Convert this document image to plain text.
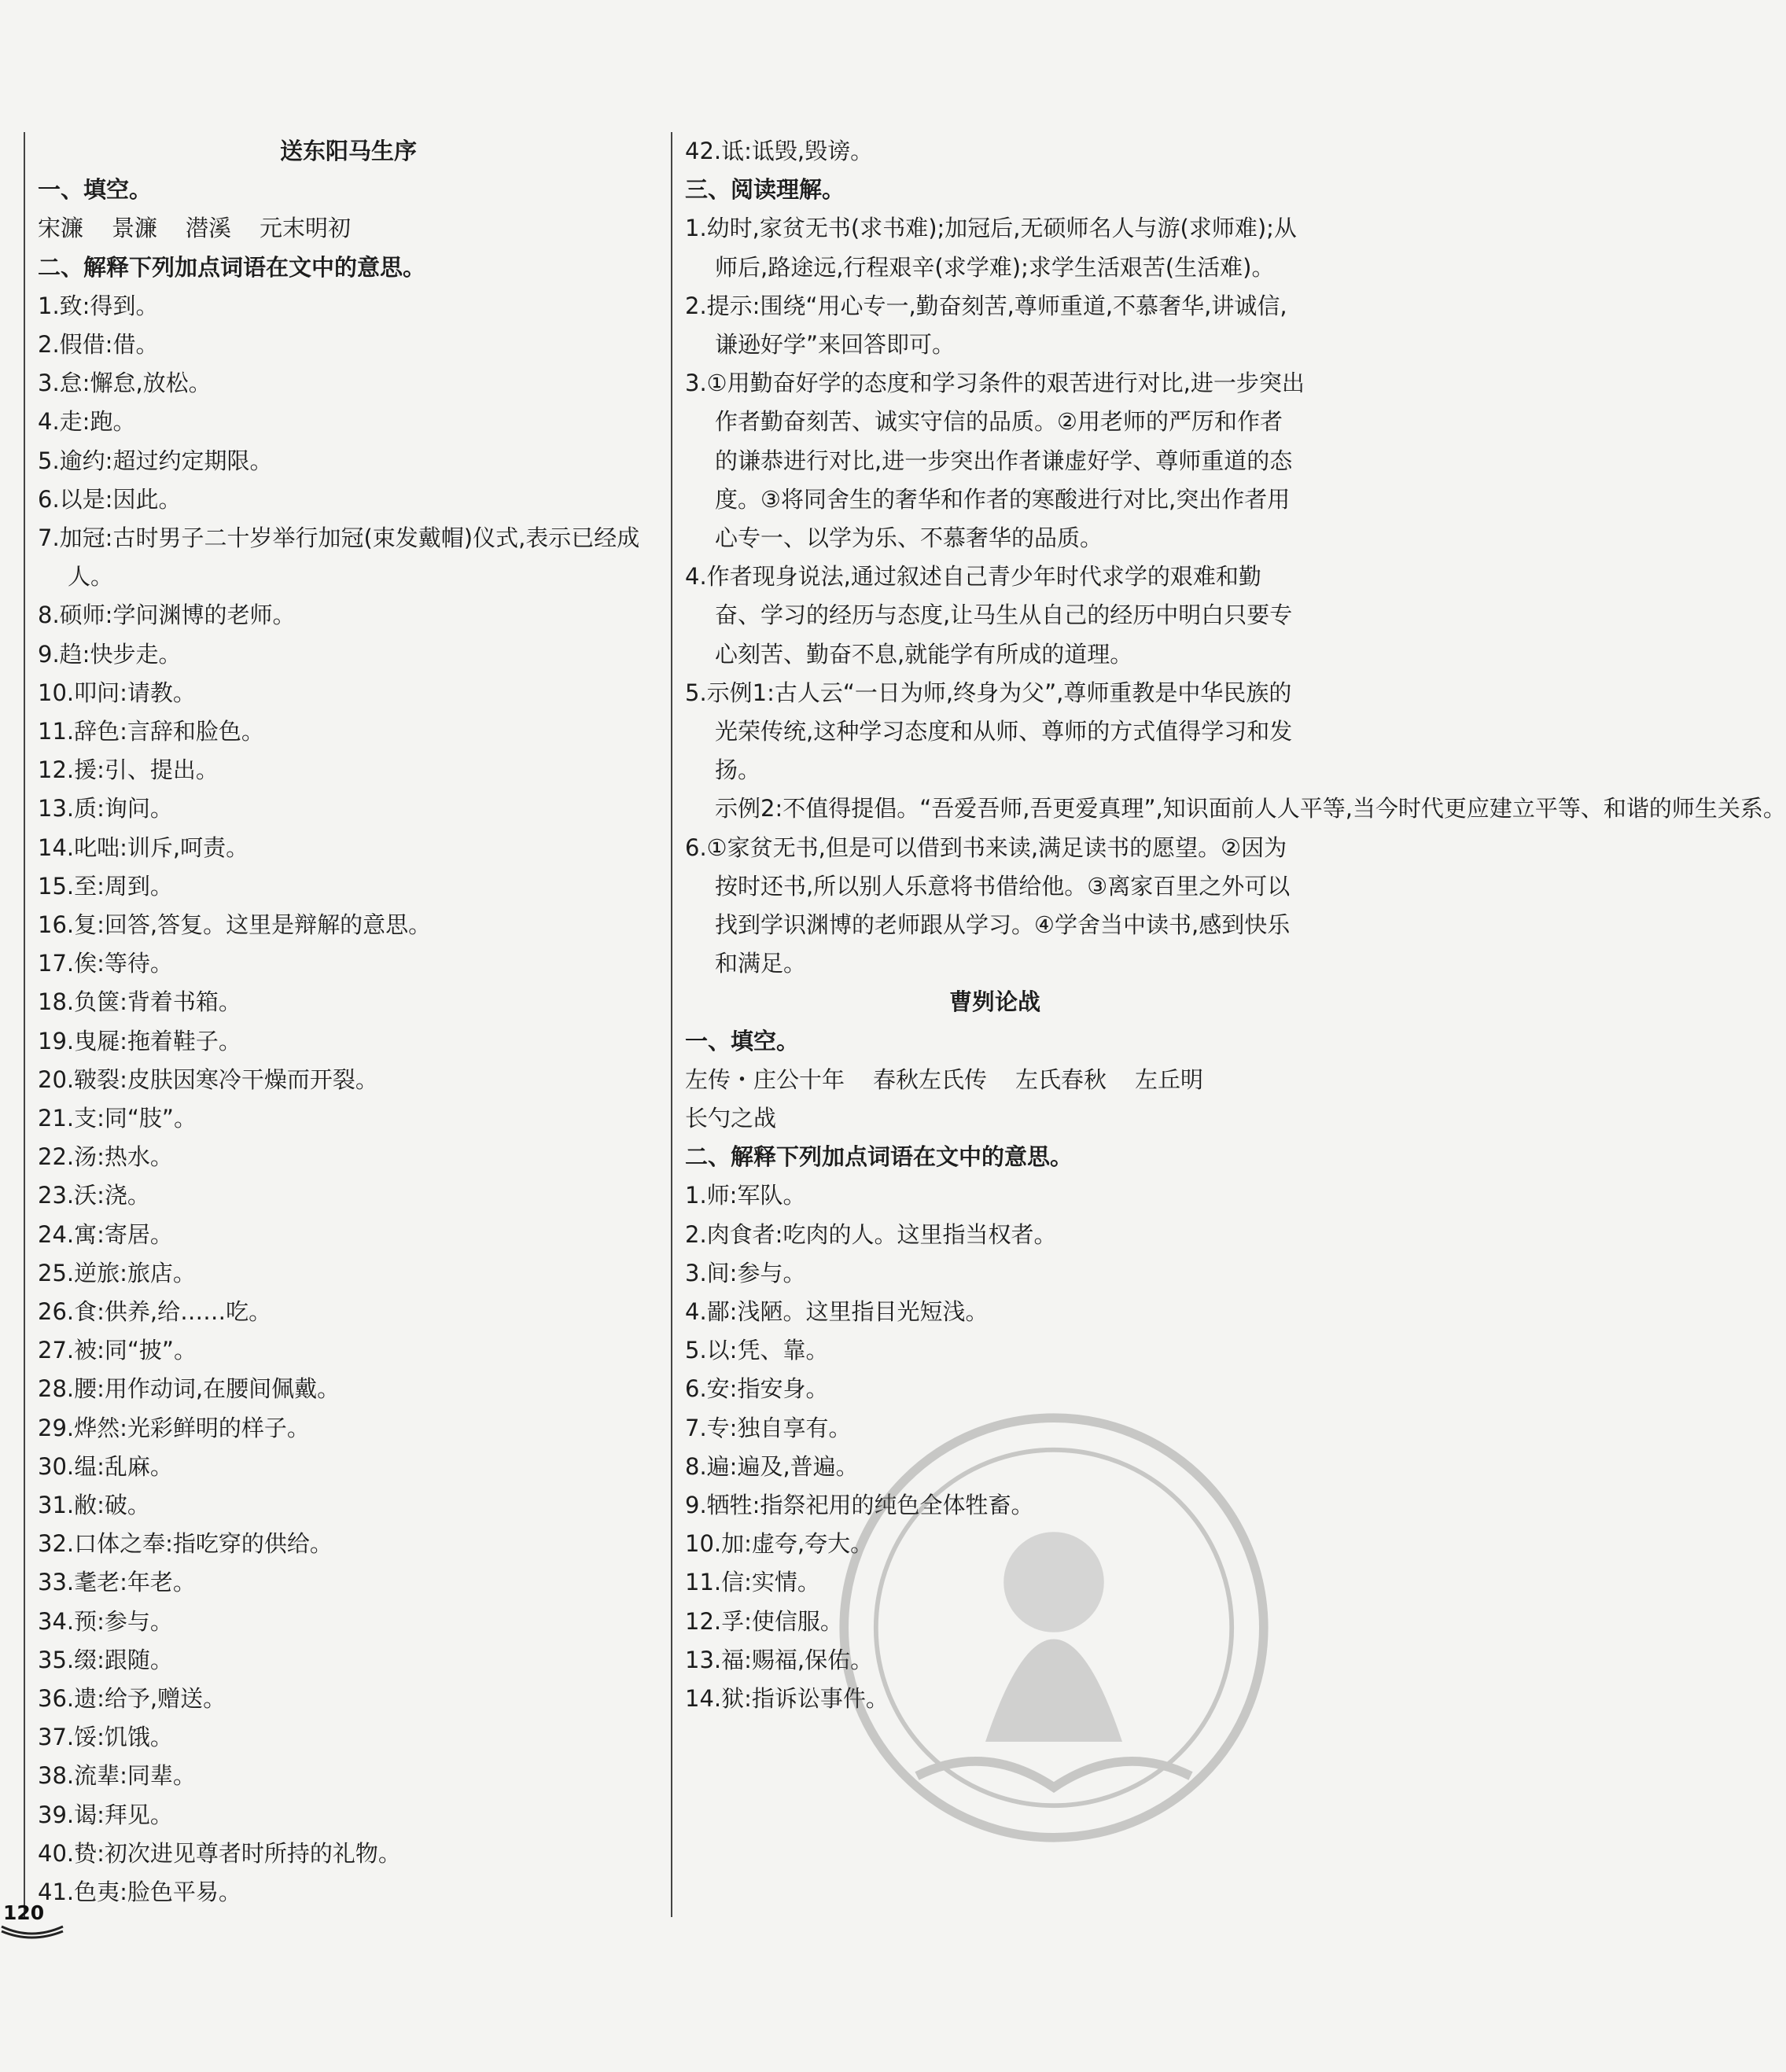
送东阳马生序
一、填空。
宋濂 景濂 潜溪 元末明初
二、解释下列加点词语在文中的意思。
1.致:得到。
2.假借:借。
3.怠:懈怠,放松。
4.走:跑。
5.逾约:超过约定期限。
6.以是:因此。
7.加冠:古时男子二十岁举行加冠(束发戴帽)仪式,表示已经成人。
8.硕师:学问渊博的老师。
9.趋:快步走。
10.叩问:请教。
11.辞色:言辞和脸色。
12.援:引、提出。
13.质:询问。
14.叱咄:训斥,呵责。
15.至:周到。
16.复:回答,答复。这里是辩解的意思。
17.俟:等待。
18.负箧:背着书箱。
19.曳屣:拖着鞋子。
20.皲裂:皮肤因寒冷干燥而开裂。
21.支:同“肢”。
22.汤:热水。
23.沃:浇。
24.寓:寄居。
25.逆旅:旅店。
26.食:供养,给……吃。
27.被:同“披”。
28.腰:用作动词,在腰间佩戴。
29.烨然:光彩鲜明的样子。
30.缊:乱麻。
31.敝:破。
32.口体之奉:指吃穿的供给。
33.耄老:年老。
34.预:参与。
35.缀:跟随。
36.遗:给予,赠送。
37.馁:饥饿。
38.流辈:同辈。
39.谒:拜见。
40.贽:初次进见尊者时所持的礼物。
41.色夷:脸色平易。
42.诋:诋毁,毁谤。
三、阅读理解。
1.幼时,家贫无书(求书难);加冠后,无硕师名人与游(求师难);从师后,路途远,行程艰辛(求学难);求学生活艰苦(生活难)。
2.提示:围绕“用心专一,勤奋刻苦,尊师重道,不慕奢华,讲诚信,谦逊好学”来回答即可。
3.①用勤奋好学的态度和学习条件的艰苦进行对比,进一步突出作者勤奋刻苦、诚实守信的品质。②用老师的严厉和作者的谦恭进行对比,进一步突出作者谦虚好学、尊师重道的态度。③将同舍生的奢华和作者的寒酸进行对比,突出作者用心专一、以学为乐、不慕奢华的品质。
4.作者现身说法,通过叙述自己青少年时代求学的艰难和勤奋、学习的经历与态度,让马生从自己的经历中明白只要专心刻苦、勤奋不息,就能学有所成的道理。
5.示例1:古人云“一日为师,终身为父”,尊师重教是中华民族的光荣传统,这种学习态度和从师、尊师的方式值得学习和发扬。
示例2:不值得提倡。“吾爱吾师,吾更爱真理”,知识面前人人平等,当今时代更应建立平等、和谐的师生关系。
6.①家贫无书,但是可以借到书来读,满足读书的愿望。②因为按时还书,所以别人乐意将书借给他。③离家百里之外可以找到学识渊博的老师跟从学习。④学舍当中读书,感到快乐和满足。
曹刿论战
一、填空。
左传・庄公十年 春秋左氏传 左氏春秋 左丘明
长勺之战
二、解释下列加点词语在文中的意思。
1.师:军队。
2.肉食者:吃肉的人。这里指当权者。
3.间:参与。
4.鄙:浅陋。这里指目光短浅。
5.以:凭、靠。
6.安:指安身。
7.专:独自享有。
8.遍:遍及,普遍。
9.牺牲:指祭祀用的纯色全体牲畜。
10.加:虚夸,夸大。
11.信:实情。
12.孚:使信服。
13.福:赐福,保佑。
14.狱:指诉讼事件。
120
